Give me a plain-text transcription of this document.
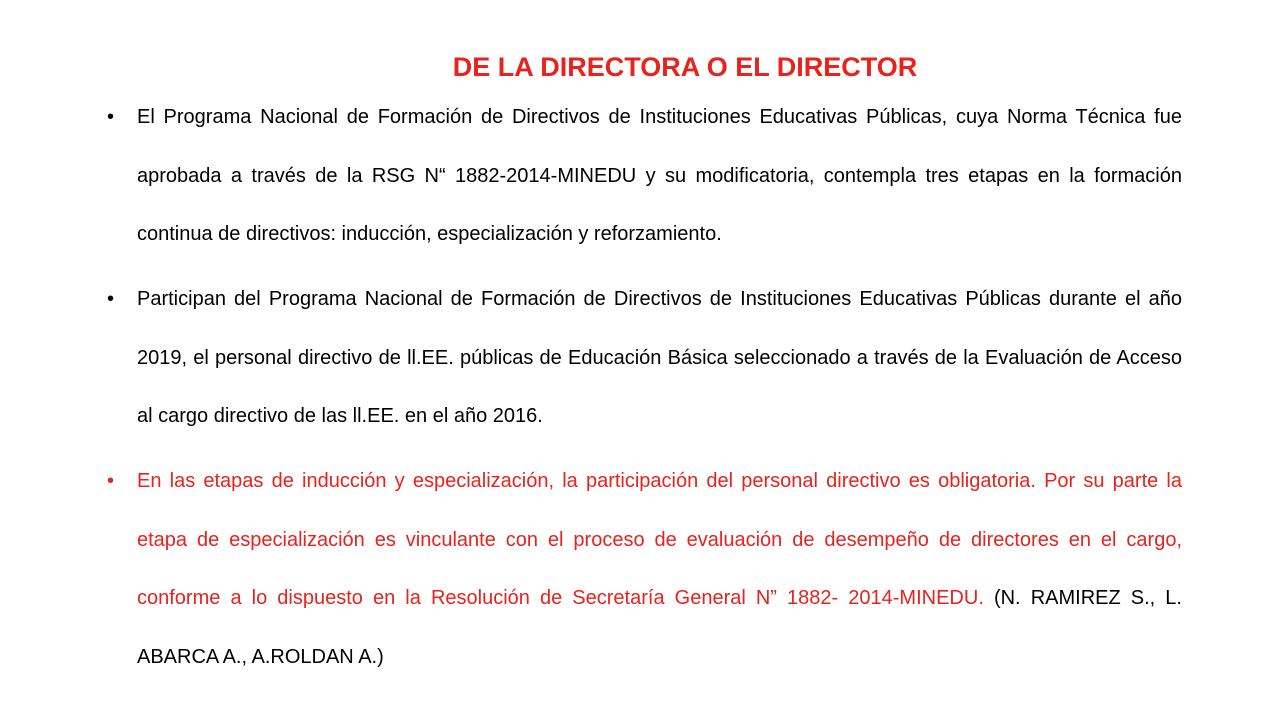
DE LA DIRECTORA O EL DIRECTOR
• El Programa Nacional de Formación de Directivos de Instituciones Educativas Públicas, cuya Norma Técnica fue aprobada a través de la RSG N“ 1882-2014-MINEDU y su modificatoria, contempla tres etapas en la formación continua de directivos: inducción, especialización y reforzamiento.
• Participan del Programa Nacional de Formación de Directivos de Instituciones Educativas Públicas durante el año 2019, el personal directivo de ll.EE. públicas de Educación Básica seleccionado a través de la Evaluación de Acceso al cargo directivo de las ll.EE. en el año 2016.
• En las etapas de inducción y especialización, la participación del personal directivo es obligatoria. Por su parte la etapa de especialización es vinculante con el proceso de evaluación de desempeño de directores en el cargo, conforme a lo dispuesto en la Resolución de Secretaría General N” 1882- 2014-MINEDU. (N. RAMIREZ S., L. ABARCA A., A.ROLDAN A.)
